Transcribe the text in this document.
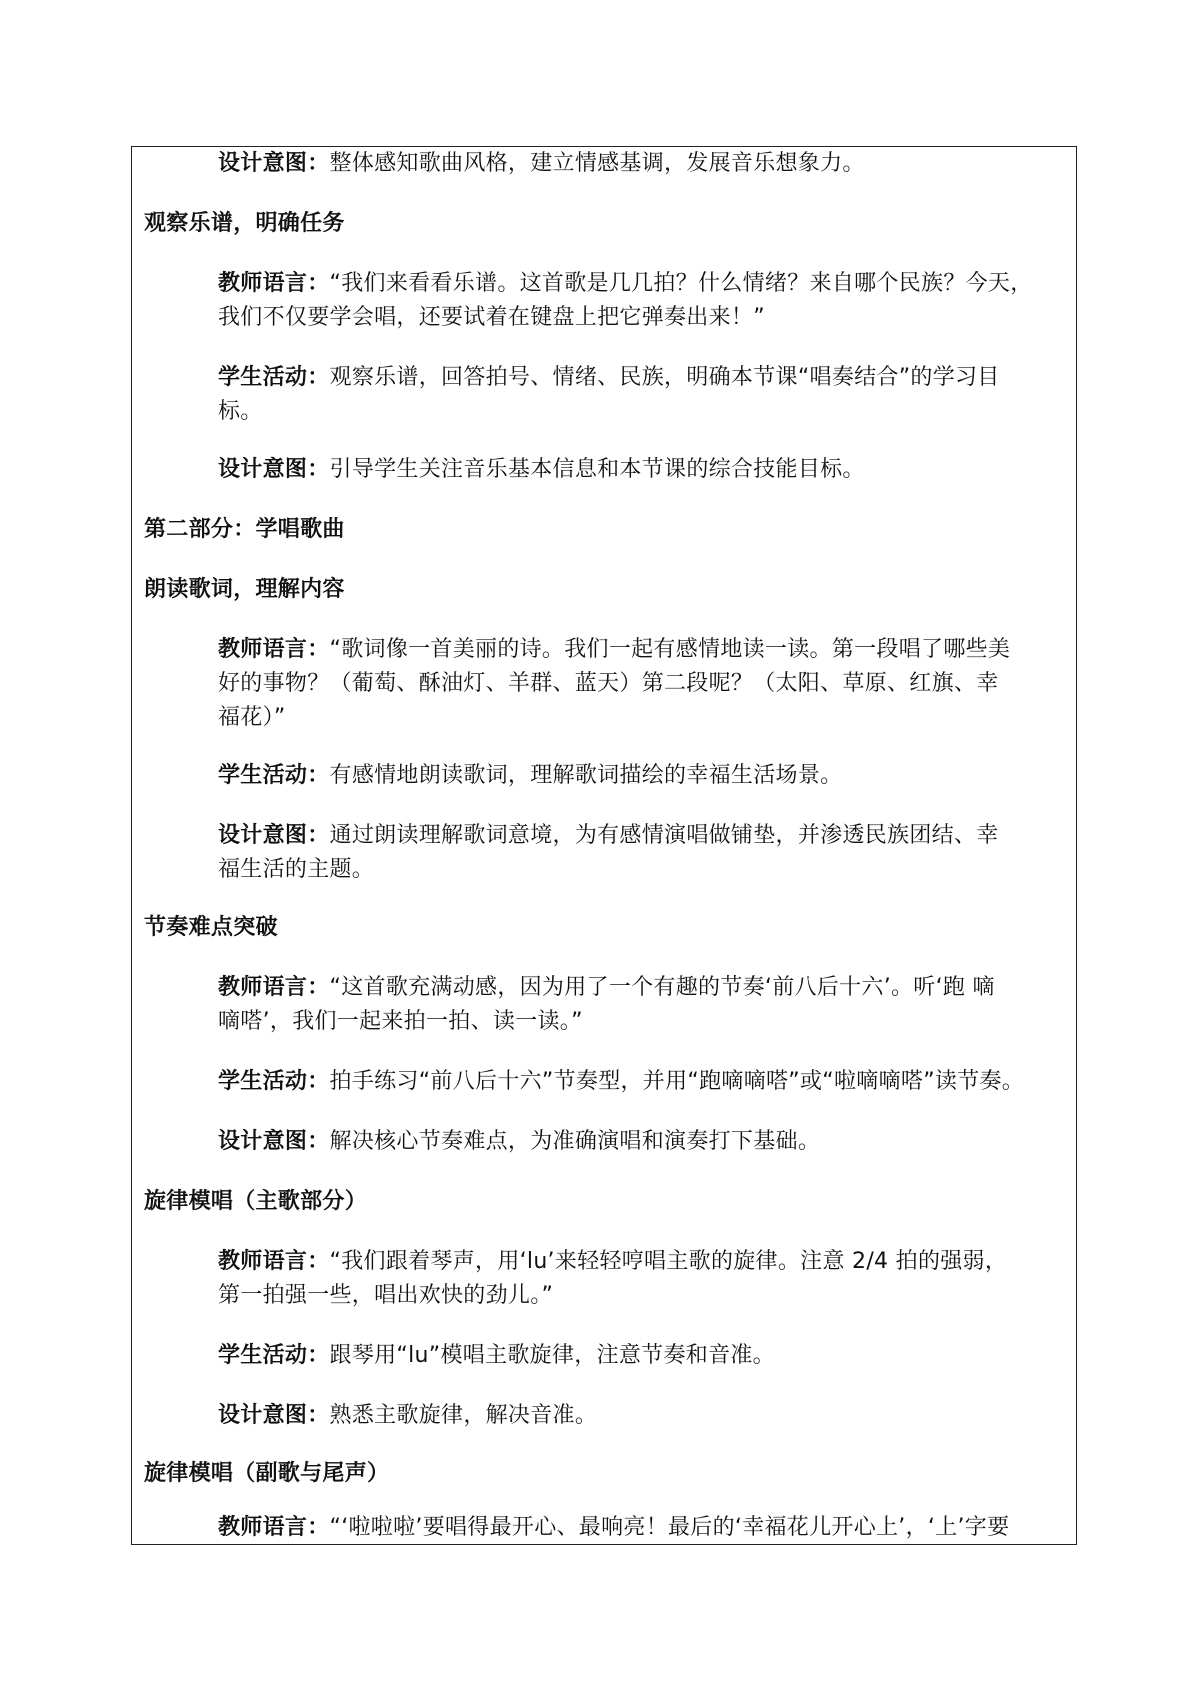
设计意图：整体感知歌曲风格，建立情感基调，发展音乐想象力。
观察乐谱，明确任务
教师语言：“我们来看看乐谱。这首歌是几几拍？什么情绪？来自哪个民族？今天，
我们不仅要学会唱，还要试着在键盘上把它弹奏出来！”
学生活动：观察乐谱，回答拍号、情绪、民族，明确本节课“唱奏结合”的学习目
标。
设计意图：引导学生关注音乐基本信息和本节课的综合技能目标。
第二部分：学唱歌曲
朗读歌词，理解内容
教师语言：“歌词像一首美丽的诗。我们一起有感情地读一读。第一段唱了哪些美
好的事物？（葡萄、酥油灯、羊群、蓝天）第二段呢？（太阳、草原、红旗、幸
福花）”
学生活动：有感情地朗读歌词，理解歌词描绘的幸福生活场景。
设计意图：通过朗读理解歌词意境，为有感情演唱做铺垫，并渗透民族团结、幸
福生活的主题。
节奏难点突破
教师语言：“这首歌充满动感，因为用了一个有趣的节奏‘前八后十六’。听‘跑 嘀
嘀嗒’，我们一起来拍一拍、读一读。”
学生活动：拍手练习“前八后十六”节奏型，并用“跑嘀嘀嗒”或“啦嘀嘀嗒”读节奏。
设计意图：解决核心节奏难点，为准确演唱和演奏打下基础。
旋律模唱（主歌部分）
教师语言：“我们跟着琴声，用‘lu’来轻轻哼唱主歌的旋律。注意 2/4 拍的强弱，
第一拍强一些，唱出欢快的劲儿。”
学生活动：跟琴用“lu”模唱主歌旋律，注意节奏和音准。
设计意图：熟悉主歌旋律，解决音准。
旋律模唱（副歌与尾声）
教师语言：“‘啦啦啦’要唱得最开心、最响亮！最后的‘幸福花儿开心上’，‘上’字要
